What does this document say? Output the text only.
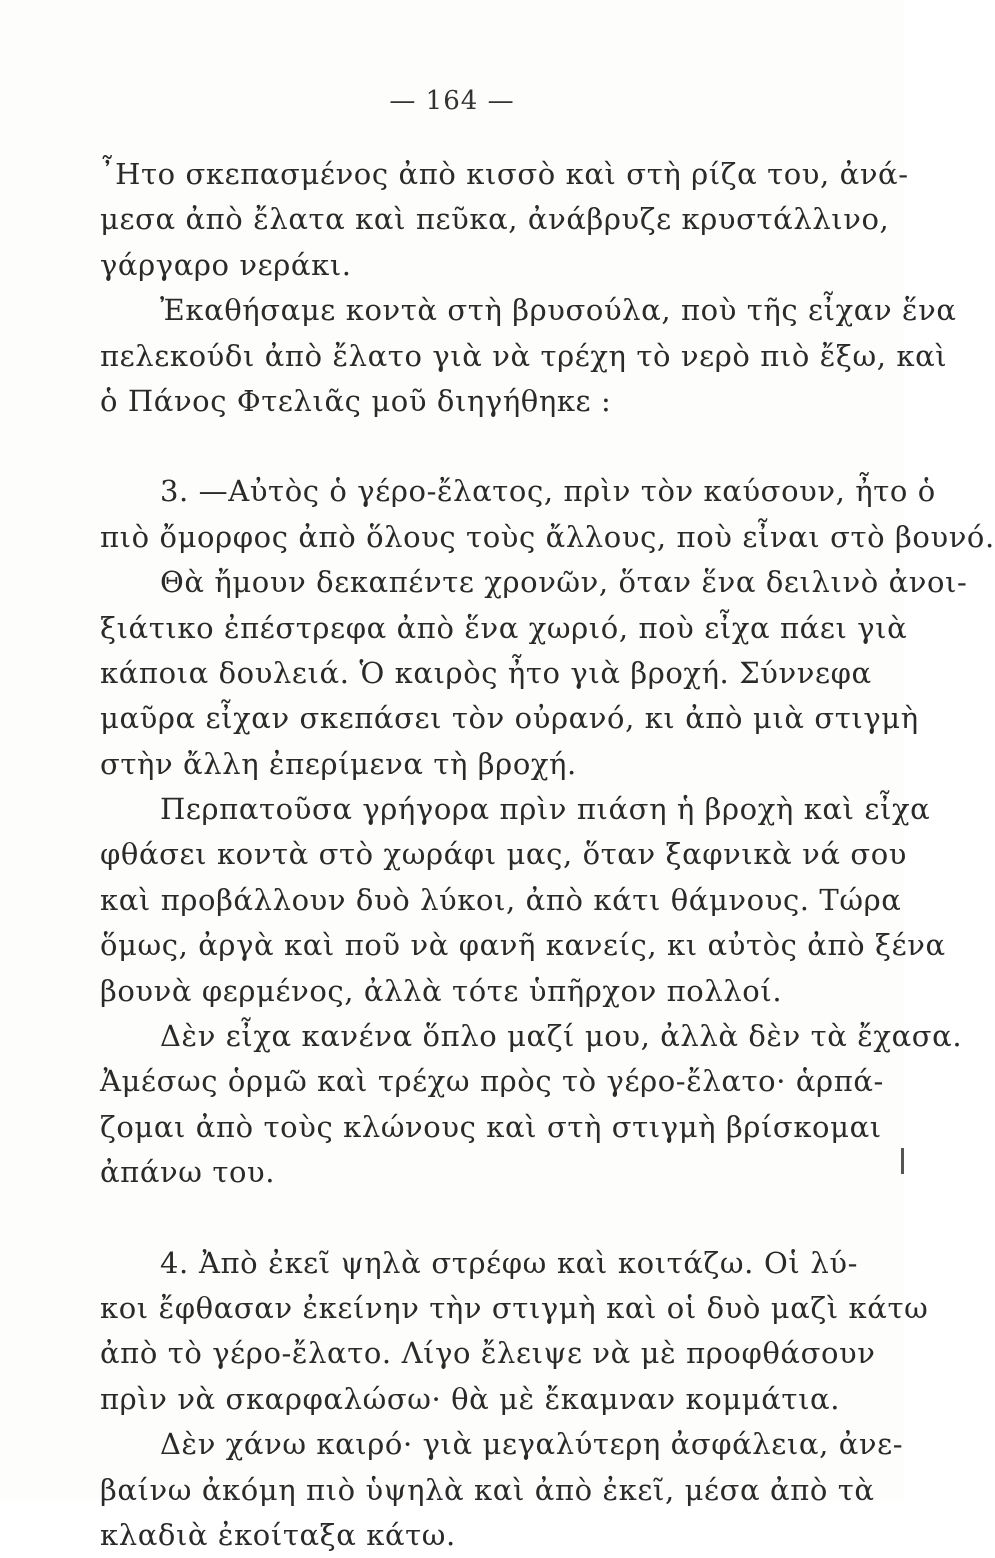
— 164 —
῏Ητο σκεπασμένος ἀπὸ κισσὸ καὶ στὴ ρίζα του, ἀνά-
μεσα ἀπὸ ἔλατα καὶ πεῦκα, ἀνάβρυζε κρυστάλλινο,
γάργαρο νεράκι.
Ἐκαθήσαμε κοντὰ στὴ βρυσούλα, ποὺ τῆς εἶχαν ἕνα
πελεκούδι ἀπὸ ἔλατο γιὰ νὰ τρέχη τὸ νερὸ πιὸ ἔξω, καὶ
ὁ Πάνος Φτελιᾶς μοῦ διηγήθηκε :
3. —Αὐτὸς ὁ γέρο-ἔλατος, πρὶν τὸν καύσουν, ἦτο ὁ
πιὸ ὄμορφος ἀπὸ ὅλους τοὺς ἄλλους, ποὺ εἶναι στὸ βουνό.
Θὰ ἤμουν δεκαπέντε χρονῶν, ὅταν ἕνα δειλινὸ ἀνοι-
ξιάτικο ἐπέστρεφα ἀπὸ ἕνα χωριό, ποὺ εἶχα πάει γιὰ
κάποια δουλειά. Ὁ καιρὸς ἦτο γιὰ βροχή. Σύννεφα
μαῦρα εἶχαν σκεπάσει τὸν οὐρανό, κι ἀπὸ μιὰ στιγμὴ
στὴν ἄλλη ἐπερίμενα τὴ βροχή.
Περπατοῦσα γρήγορα πρὶν πιάση ἡ βροχὴ καὶ εἶχα
φθάσει κοντὰ στὸ χωράφι μας, ὅταν ξαφνικὰ νά σου
καὶ προβάλλουν δυὸ λύκοι, ἀπὸ κάτι θάμνους. Τώρα
ὅμως, ἀργὰ καὶ ποῦ νὰ φανῆ κανείς, κι αὐτὸς ἀπὸ ξένα
βουνὰ φερμένος, ἀλλὰ τότε ὑπῆρχον πολλοί.
Δὲν εἶχα κανένα ὅπλο μαζί μου, ἀλλὰ δὲν τὰ ἔχασα.
Ἀμέσως ὁρμῶ καὶ τρέχω πρὸς τὸ γέρο-ἔλατο· ἁρπά-
ζομαι ἀπὸ τοὺς κλώνους καὶ στὴ στιγμὴ βρίσκομαι
ἀπάνω του.
4. Ἀπὸ ἐκεῖ ψηλὰ στρέφω καὶ κοιτάζω. Οἱ λύ-
κοι ἔφθασαν ἐκείνην τὴν στιγμὴ καὶ οἱ δυὸ μαζὶ κάτω
ἀπὸ τὸ γέρο-ἔλατο. Λίγο ἔλειψε νὰ μὲ προφθάσουν
πρὶν νὰ σκαρφαλώσω· θὰ μὲ ἔκαμναν κομμάτια.
Δὲν χάνω καιρό· γιὰ μεγαλύτερη ἀσφάλεια, ἀνε-
βαίνω ἀκόμη πιὸ ὑψηλὰ καὶ ἀπὸ ἐκεῖ, μέσα ἀπὸ τὰ
κλαδιὰ ἐκοίταξα κάτω.
